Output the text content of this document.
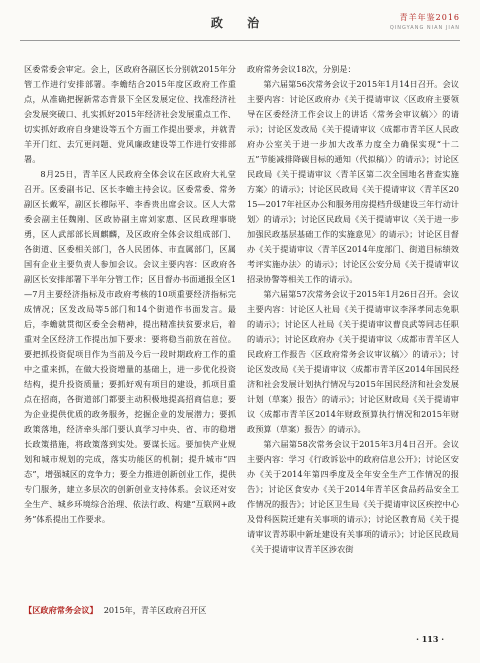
政 治	青羊年鉴2016
QINGYANG NIAN JIAN

区委常委会审定。会上，区政府各副区长分别就2015年分管工作进行安排部署。李蟾结合2015年度区政府工作重点，从准确把握新常态背景下全区发展定位、找准经济社会发展突破口、扎实抓好2015年经济社会发展重点工作、切实抓好政府自身建设等五个方面工作提出要求，并就青羊开门红、去冗更问题、党风廉政建设等工作进行安排部署。

8月25日，青羊区人民政府全体会议在区政府大礼堂召开。区委副书记、区长李蟾主持会议。区委常委、常务副区长戴军，副区长穆际平、李香贵出席会议。区人大常委会副主任魏刚、区政协副主席刘家惠、区民政理事晓勇，区人武部部长周麒麟，及区政府全体会议组成部门、各街道、区委相关部门，各人民团体、市直属部门，区属国有企业主要负责人参加会议。会议主要内容：区政府各副区长安排部署下半年分管工作；区目督办书面通报全区1—7月主要经济指标及市政府考核的10项重要经济指标完成情况；区发改局等5部门和14个街道作书面发言。最后，李蟾就贯彻区委全会精神，提出精准扶贫要求后，着重对全区经济工作提出加下要求：要将稳当前放在首位。要把抓投资促项目作为当前及今后一段时期政府工作的重中之重来抓，在做大投资增量的基础上，进一步优化投资结构，提升投资质量；要抓好观有项目的建设，抓项目重点在招商，各街道部门都要主动积极地提高招商信息；要为企业提供优质的政务服务，挖掘企业的发展潜力；要抓政策落地，经济牵头部门要认真学习中央、省、市的稳增长政策措施，将政策落到实处。要谋长远。要加快产业规划和城市规划的完成，落实功能区的机制；提升城市“四态”，增强城区的竞争力；要全力推进创新创业工作，提供专门服务，建立多层次的创新创业支持体系。会议还对安全生产、城乡环境综合治理、依法行政、构建“互联网+政务”体系提出工作要求。

【区政府常务会议】 2015年，青羊区政府召开区

政府常务会议18次，分别是：

第六届第56次常务会议于2015年1月14日召开。会议主要内容：讨论区政府办《关于提请审议〈区政府主要领导在区委经济工作会议上的讲话〈常务会审议稿〉〉的请示》；讨论区发改局《关于提请审议〈成都市青羊区人民政府办公室关于进一步加大改革力度全力确保实现“十二五”节能减排降碳目标的通知（代拟稿）〉的请示》；讨论区民政局《关于提请审议〈青羊区第二次全国地名普查实施方案〉的请示》；讨论区民政局《关于提请审议〈青羊区2015—2017年社区办公和服务用房提档升级建设三年行动计划〉的请示》；讨论区民政局《关于提请审议〈关于进一步加强民政基层基础工作的实施意见〉的请示》；讨论区目督办《关于提请审议〈青羊区2014年度部门、街道目标绩效考评实施办法〉的请示》；讨论区公安分局《关于提请审议招录协警等相关工作的请示》。

第六届第57次常务会议于2015年1月26日召开。会议主要内容：讨论区人社局《关于提请审议李泽孝同志免职的请示》；讨论区人社局《关于提请审议曹良武等同志任职的请示》；讨论区政府办《关于提请审议〈成都市青羊区人民政府工作报告〈区政府常务会议审议稿〉〉的请示》；讨论区发改局《关于提请审议〈成都市青羊区2014年国民经济和社会发展计划执行情况与2015年国民经济和社会发展计划（草案）报告〉的请示》；讨论区财政局《关于提请审议〈成都市青羊区2014年财政预算执行情况和2015年财政预算（草案）报告〉的请示》。

第六届第58次常务会议于2015年3月4日召开。会议主要内容：学习《行政诉讼中的政府信息公开》；讨论区安办《关于2014年第四季度及全年安全生产工作情况的报告》；讨论区食安办《关于2014年青羊区食品药品安全工作情况的报告》；讨论区卫生局《关于提请审议区疾控中心及骨科医院迁建有关事项的请示》；讨论区教育局《关于提请审议青苏职中新址建设有关事项的请示》；讨论区民政局《关于提请审议青羊区涉农街

· 113 ·
